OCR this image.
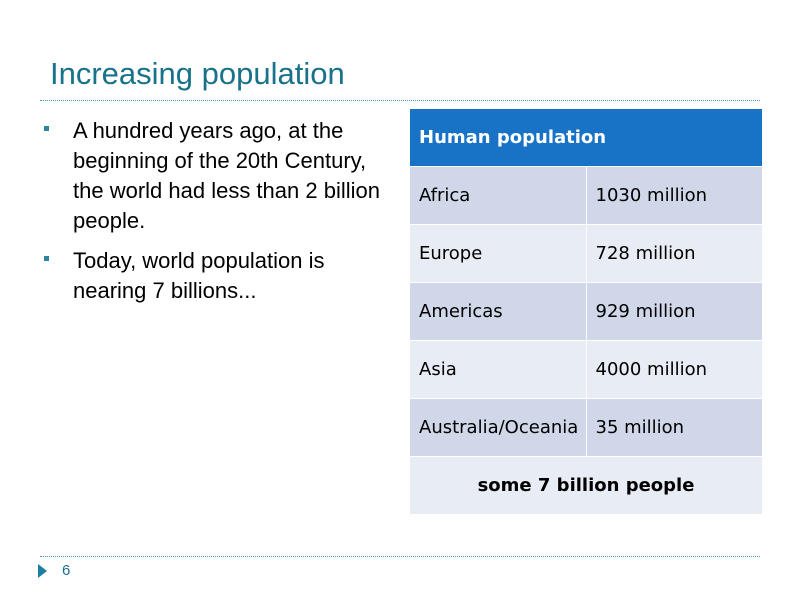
Increasing population
A hundred years ago, at the beginning of the 20th Century, the world had less than 2 billion people.
Today, world population is nearing 7 billions...
Human population	
Africa	1030 million
Europe	728 million
Americas	929 million
Asia	4000 million
Australia/Oceania	35 million
some 7 billion people	
6
